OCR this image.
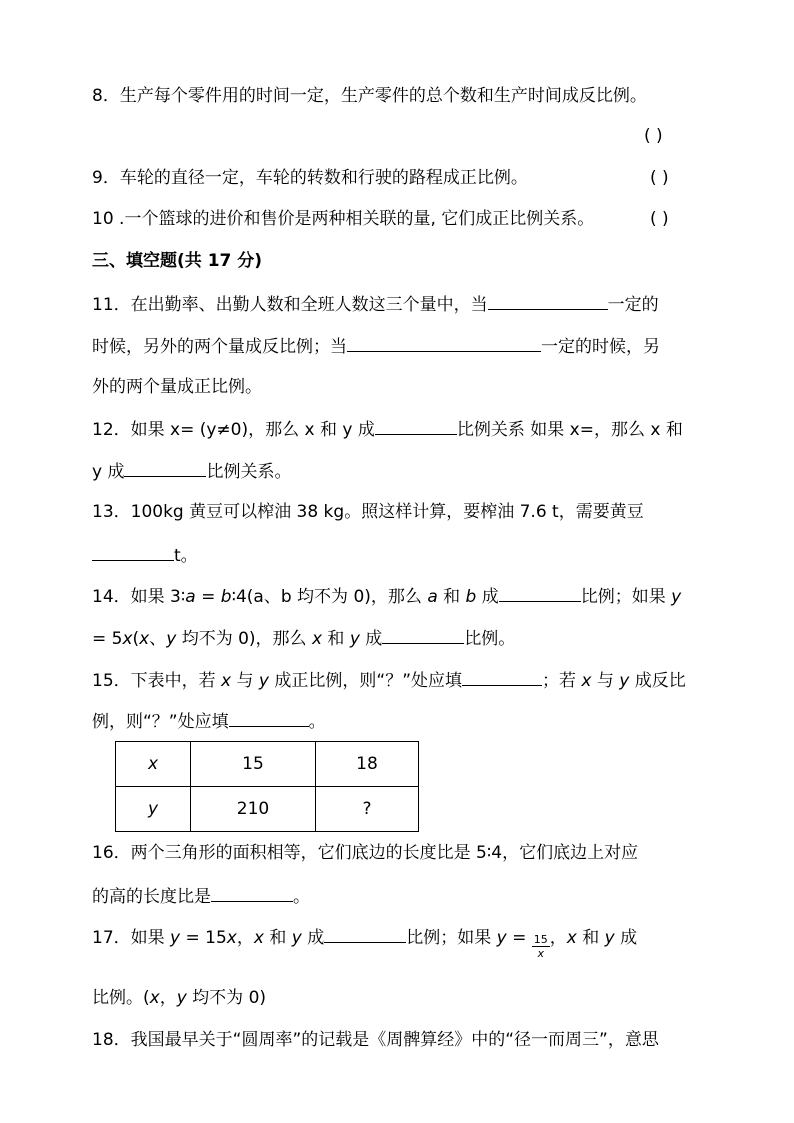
8．生产每个零件用的时间一定，生产零件的总个数和生产时间成反比例。
( )
9．车轮的直径一定，车轮的转数和行驶的路程成正比例。	( )
10 .一个篮球的进价和售价是两种相关联的量, 它们成正比例关系。	( )
三、填空题(共 17 分)
11．在出勤率、出勤人数和全班人数这三个量中，当	一定的
时候，另外的两个量成反比例；当	一定的时候，另
外的两个量成正比例。
12．如果 x= (y≠0)，那么 x 和 y 成	比例关系 如果 x=，那么 x 和
y 成	比例关系。
13．100kg 黄豆可以榨油 38 kg。照这样计算，要榨油 7.6 t，需要黄豆
t。
14．如果 3∶a = b∶4(a、b 均不为 0)，那么 a 和 b 成	比例；如果 y
= 5x(x、y 均不为 0)，那么 x 和 y 成	比例。
15．下表中，若 x 与 y 成正比例，则“？”处应填	；若 x 与 y 成反比
例，则“？”处应填	。
x	15	18
y	210	?
16．两个三角形的面积相等，它们底边的长度比是 5∶4，它们底边上对应
的高的长度比是	。
17．如果 y = 15x，x 和 y 成	比例；如果 $y = \frac{15}{x}$ ，x 和 y 成
比例。(x，y 均不为 0)
18．我国最早关于“圆周率”的记载是《周髀算经》中的“径一而周三”，意思
